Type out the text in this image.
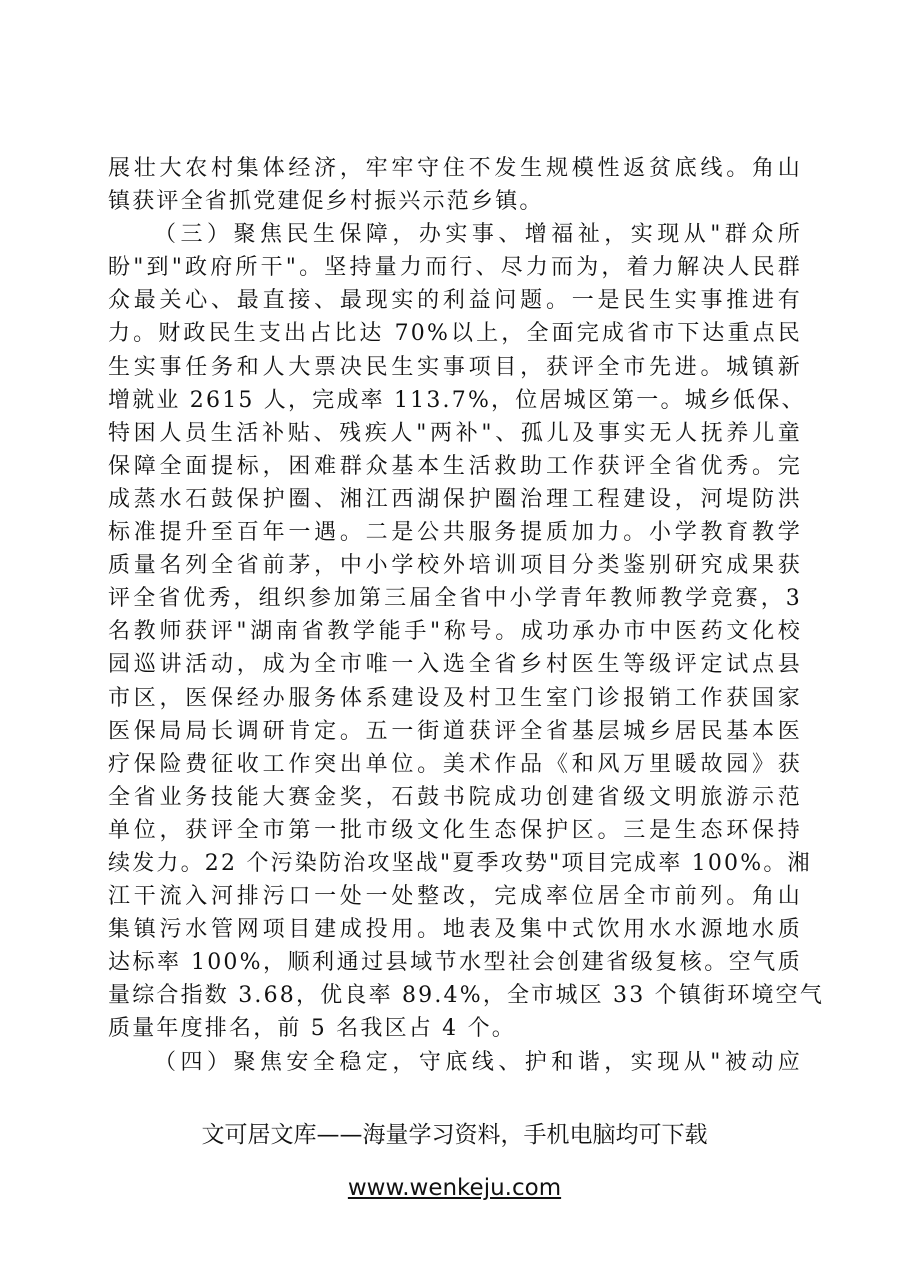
展壮大农村集体经济，牢牢守住不发生规模性返贫底线。角山
镇获评全省抓党建促乡村振兴示范乡镇。
（三）聚焦民生保障，办实事、增福祉，实现从"群众所
盼"到"政府所干"。坚持量力而行、尽力而为，着力解决人民群
众最关心、最直接、最现实的利益问题。一是民生实事推进有
力。财政民生支出占比达 70%以上，全面完成省市下达重点民
生实事任务和人大票决民生实事项目，获评全市先进。城镇新
增就业 2615 人，完成率 113.7%，位居城区第一。城乡低保、
特困人员生活补贴、残疾人"两补"、孤儿及事实无人抚养儿童
保障全面提标，困难群众基本生活救助工作获评全省优秀。完
成蒸水石鼓保护圈、湘江西湖保护圈治理工程建设，河堤防洪
标准提升至百年一遇。二是公共服务提质加力。小学教育教学
质量名列全省前茅，中小学校外培训项目分类鉴别研究成果获
评全省优秀，组织参加第三届全省中小学青年教师教学竞赛，3
名教师获评"湖南省教学能手"称号。成功承办市中医药文化校
园巡讲活动，成为全市唯一入选全省乡村医生等级评定试点县
市区，医保经办服务体系建设及村卫生室门诊报销工作获国家
医保局局长调研肯定。五一街道获评全省基层城乡居民基本医
疗保险费征收工作突出单位。美术作品《和风万里暖故园》获
全省业务技能大赛金奖，石鼓书院成功创建省级文明旅游示范
单位，获评全市第一批市级文化生态保护区。三是生态环保持
续发力。22 个污染防治攻坚战"夏季攻势"项目完成率 100%。湘
江干流入河排污口一处一处整改，完成率位居全市前列。角山
集镇污水管网项目建成投用。地表及集中式饮用水水源地水质
达标率 100%，顺利通过县域节水型社会创建省级复核。空气质
量综合指数 3.68，优良率 89.4%，全市城区 33 个镇街环境空气
质量年度排名，前 5 名我区占 4 个。
（四）聚焦安全稳定，守底线、护和谐，实现从"被动应
文可居文库——海量学习资料，手机电脑均可下载
www.wenkeju.com
